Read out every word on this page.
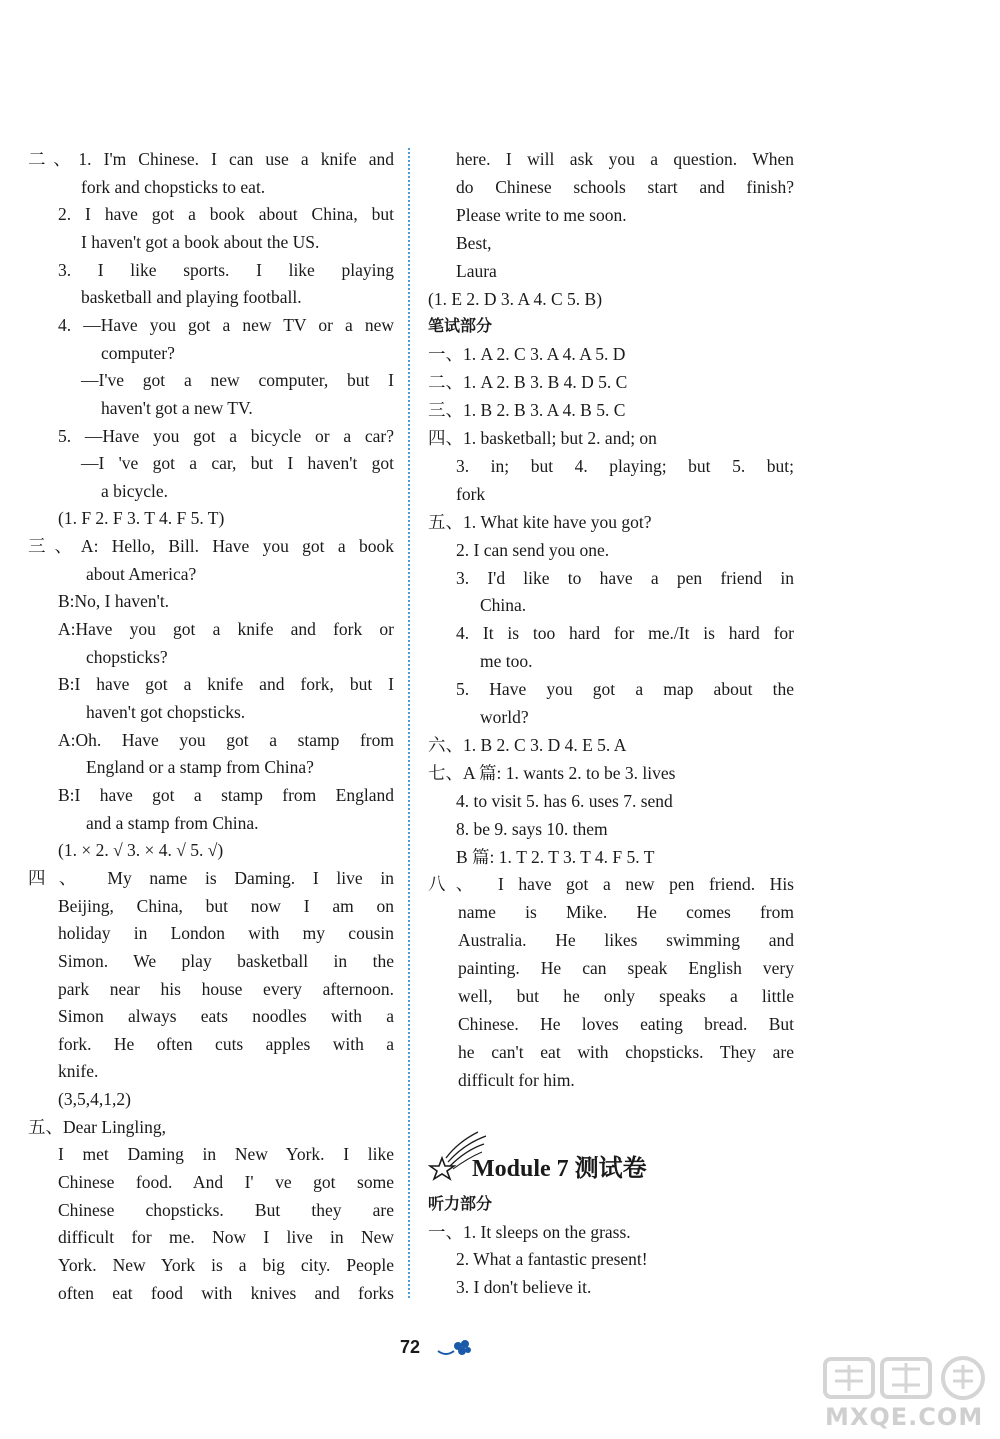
二、1. I'm Chinese. I can use a knife and
fork and chopsticks to eat.
2. I have got a book about China, but
I haven't got a book about the US.
3. I like sports. I like playing
basketball and playing football.
4. —Have you got a new TV or a new
computer?
—I've got a new computer, but I
haven't got a new TV.
5. —Have you got a bicycle or a car?
—I 've got a car, but I haven't got
a bicycle.
(1. F 2. F 3. T 4. F 5. T)
三、A: Hello, Bill. Have you got a book
about America?
B:No, I haven't.
A:Have you got a knife and fork or
chopsticks?
B:I have got a knife and fork, but I
haven't got chopsticks.
A:Oh. Have you got a stamp from
England or a stamp from China?
B:I have got a stamp from England
and a stamp from China.
(1. × 2. √ 3. × 4. √ 5. √)
四、 My name is Daming. I live in
Beijing, China, but now I am on
holiday in London with my cousin
Simon. We play basketball in the
park near his house every afternoon.
Simon always eats noodles with a
fork. He often cuts apples with a
knife.
(3,5,4,1,2)
五、Dear Lingling,
I met Daming in New York. I like
Chinese food. And I' ve got some
Chinese chopsticks. But they are
difficult for me. Now I live in New
York. New York is a big city. People
often eat food with knives and forks
here. I will ask you a question. When
do Chinese schools start and finish?
Please write to me soon.
Best,
Laura
(1. E 2. D 3. A 4. C 5. B)
笔试部分
一、1. A 2. C 3. A 4. A 5. D
二、1. A 2. B 3. B 4. D 5. C
三、1. B 2. B 3. A 4. B 5. C
四、1. basketball; but 2. and; on
3. in; but 4. playing; but 5. but;
fork
五、1. What kite have you got?
2. I can send you one.
3. I'd like to have a pen friend in
China.
4. It is too hard for me./It is hard for
me too.
5. Have you got a map about the
world?
六、1. B 2. C 3. D 4. E 5. A
七、A 篇: 1. wants 2. to be 3. lives
4. to visit 5. has 6. uses 7. send
8. be 9. says 10. them
B 篇: 1. T 2. T 3. T 4. F 5. T
八、 I have got a new pen friend. His
name is Mike. He comes from
Australia. He likes swimming and
painting. He can speak English very
well, but he only speaks a little
Chinese. He loves eating bread. But
he can't eat with chopsticks. They are
difficult for him.
Module 7 测试卷
听力部分
一、1. It sleeps on the grass.
2. What a fantastic present!
3. I don't believe it.
72
MXQE.COM
